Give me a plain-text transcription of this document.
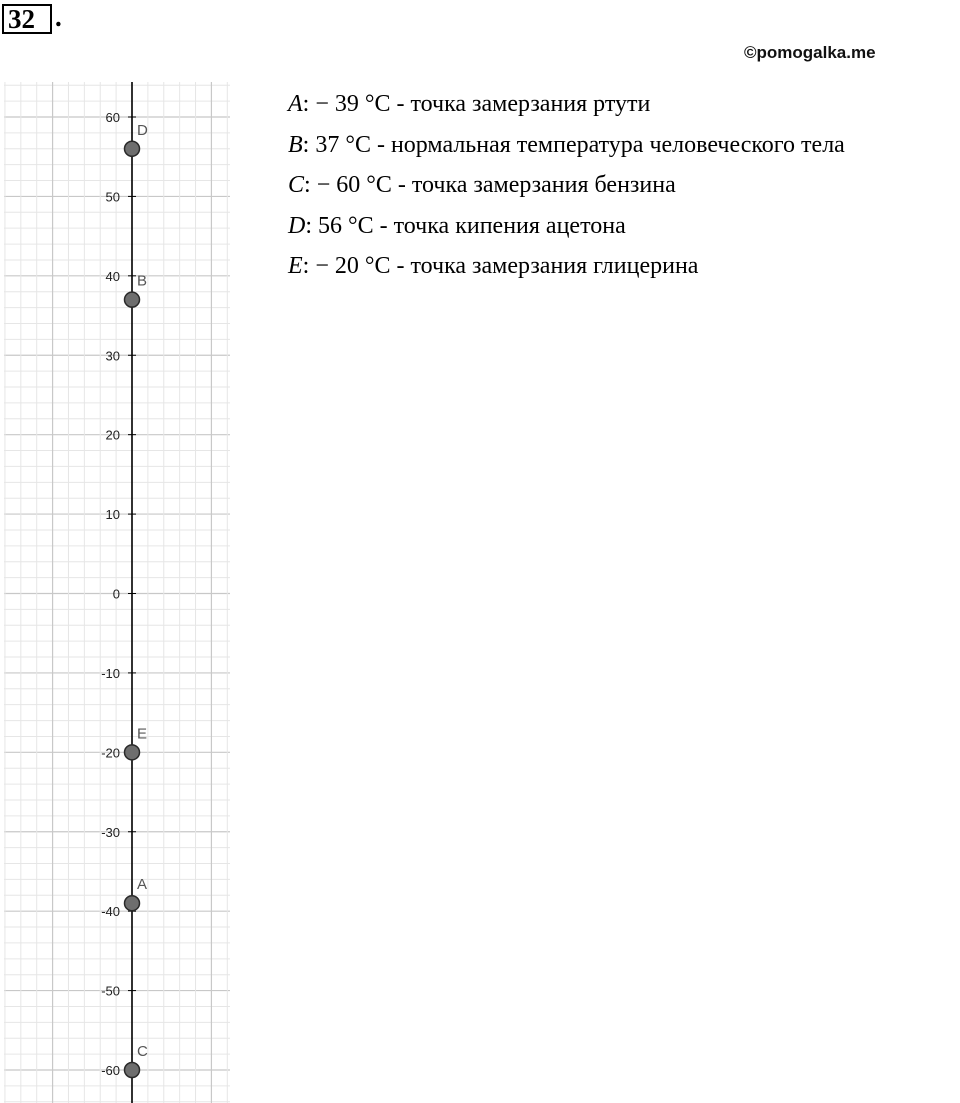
32 .
©pomogalka.me
60
50
40
30
20
10
0
-10
-20
-30
-40
-50
-60
D
B
E
A
C
A: − 39 °С - точка замерзания ртути
B: 37 °С - нормальная температура человеческого тела
C: − 60 °С - точка замерзания бензина
D: 56 °С - точка кипения ацетона
E: − 20 °С - точка замерзания глицерина
